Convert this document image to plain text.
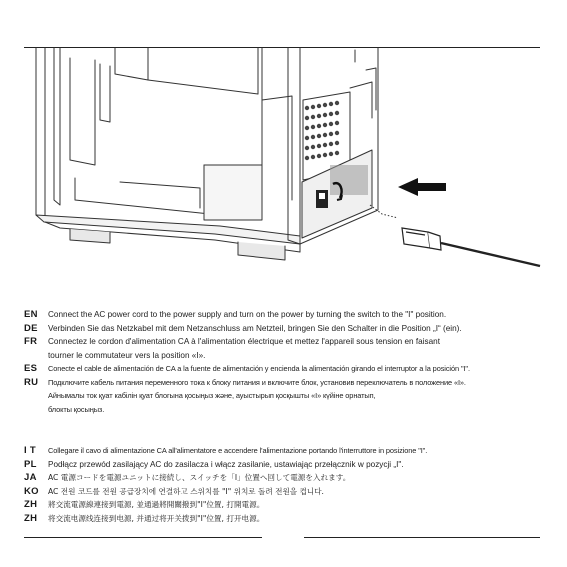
EN	Connect the AC power cord to the power supply and turn on the power by turning the switch to the "I" position.
DE	Verbinden Sie das Netzkabel mit dem Netzanschluss am Netzteil, bringen Sie den Schalter in die Position „I“ (ein).
FR	Connectez le cordon d'alimentation CA à l'alimentation électrique et mettez l'appareil sous tension en faisant
tourner le commutateur vers la position «I».
ES	Conecte el cable de alimentación de CA a la fuente de alimentación y encienda la alimentación girando el interruptor a la posición "I".
RU	Подключите кабель питания переменного тока к блоку питания и включите блок, установив переключатель в положение «I».
Айнымалы ток қуат кабілін қуат блогына қосыңыз және, ауыстырып қосқышты «I» күйіне орнатып,
блокты қосыңыз.
I T	Collegare il cavo di alimentazione CA all'alimentatore e accendere l'alimentazione portando l'interruttore in posizione "I".
PL	Podłącz przewód zasilający AC do zasilacza i włącz zasilanie, ustawiając przełącznik w pozycji „I".
JA	AC 電源コードを電源ユニットに接続し、スイッチを「I」位置へ回して電源を入れます。
KO	AC 전원 코드를 전원 공급장치에 연결하고 스위치를 "I" 위치로 돌려 전원을 켭니다.
ZH	將交流電源線連接到電源, 並通過將開關撥到"I"位置, 打開電源。
ZH	将交流电源线连接到电源, 并通过将开关拨到"I"位置, 打开电源。
